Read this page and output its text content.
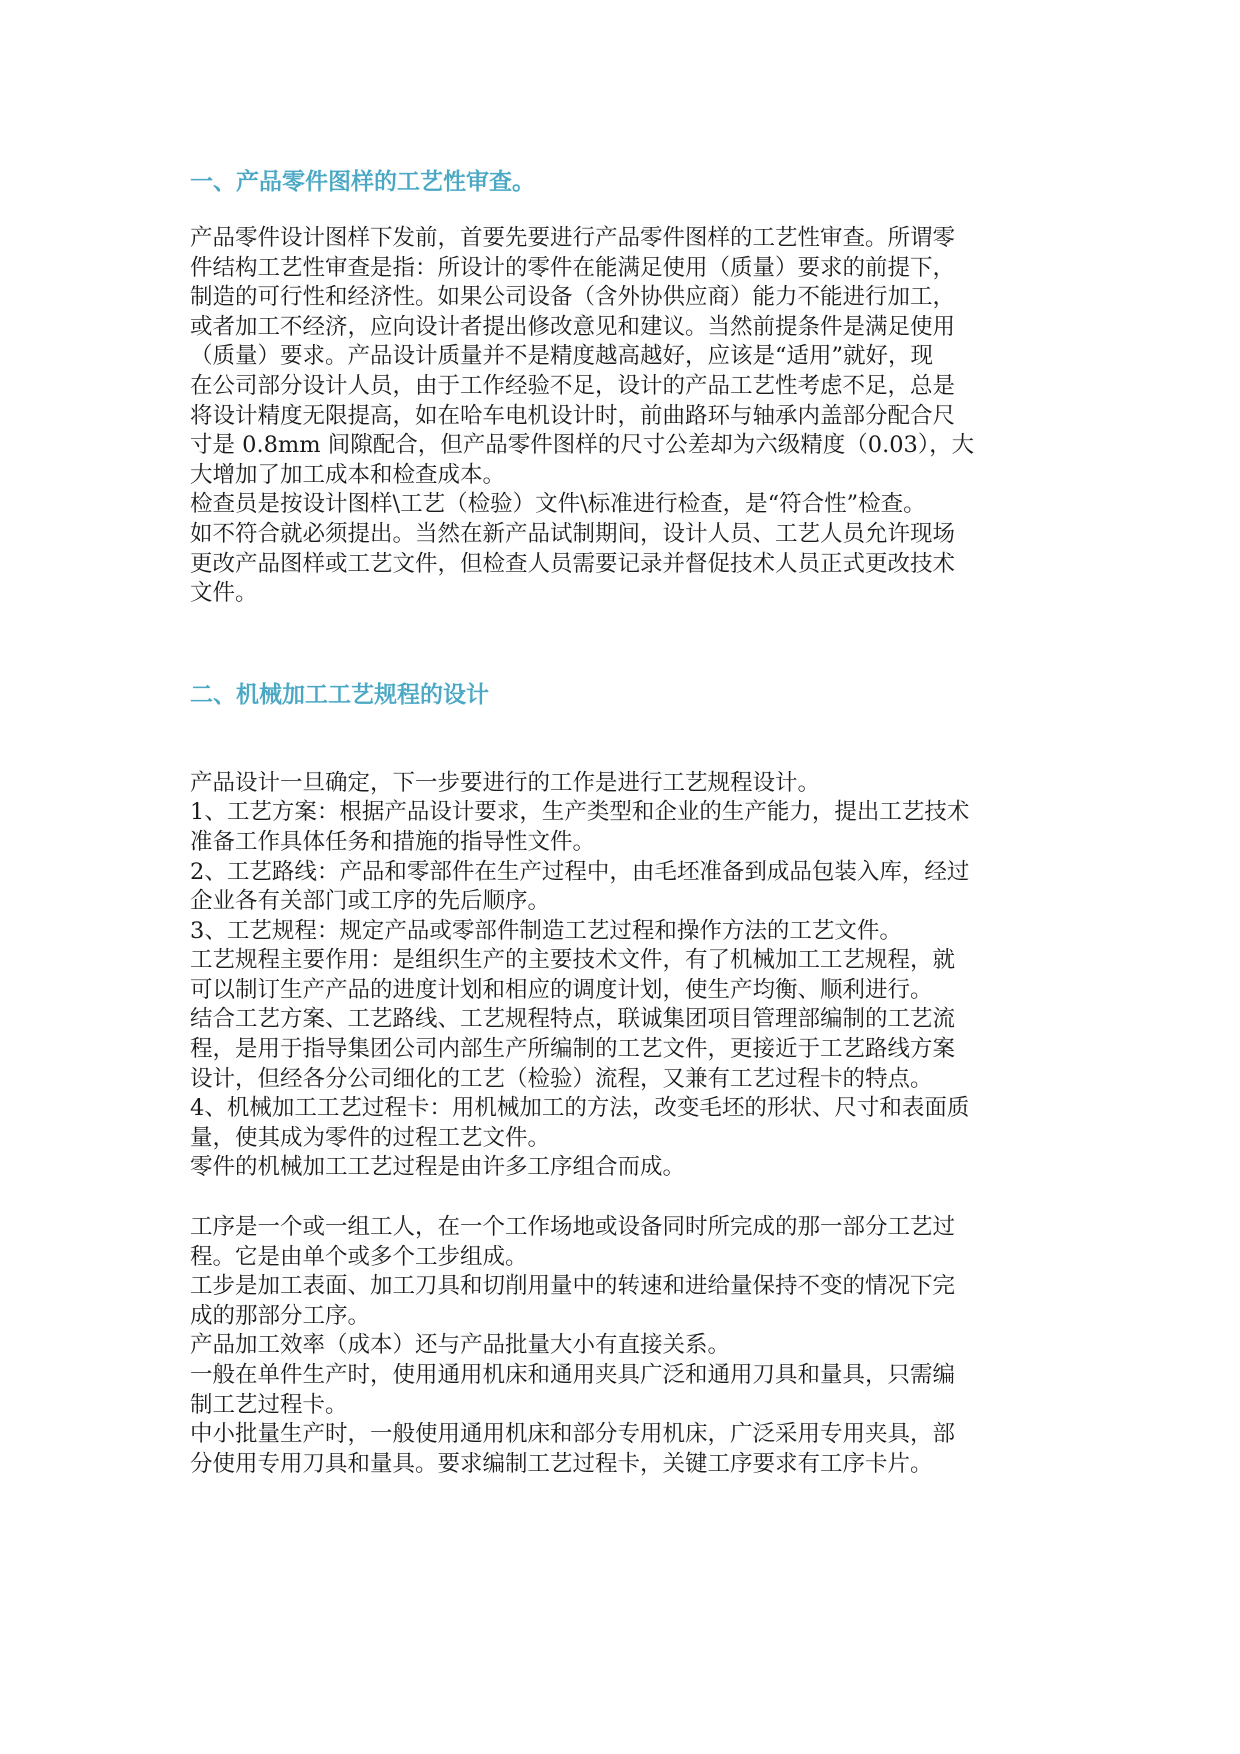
一、产品零件图样的工艺性审查。

产品零件设计图样下发前，首要先要进行产品零件图样的工艺性审查。所谓零

件结构工艺性审查是指：所设计的零件在能满足使用（质量）要求的前提下，

制造的可行性和经济性。如果公司设备（含外协供应商）能力不能进行加工，

或者加工不经济，应向设计者提出修改意见和建议。当然前提条件是满足使用

（质量）要求。产品设计质量并不是精度越高越好，应该是“适用”就好，现

在公司部分设计人员，由于工作经验不足，设计的产品工艺性考虑不足，总是

将设计精度无限提高，如在哈车电机设计时，前曲路环与轴承内盖部分配合尺

寸是 0.8mm 间隙配合，但产品零件图样的尺寸公差却为六级精度（0.03），大

大增加了加工成本和检查成本。

检查员是按设计图样\工艺（检验）文件\标准进行检查，是“符合性”检查。

如不符合就必须提出。当然在新产品试制期间，设计人员、工艺人员允许现场

更改产品图样或工艺文件，但检查人员需要记录并督促技术人员正式更改技术

文件。

二、机械加工工艺规程的设计

产品设计一旦确定，下一步要进行的工作是进行工艺规程设计。

1、工艺方案：根据产品设计要求，生产类型和企业的生产能力，提出工艺技术

准备工作具体任务和措施的指导性文件。

2、工艺路线：产品和零部件在生产过程中，由毛坯准备到成品包装入库，经过

企业各有关部门或工序的先后顺序。

3、工艺规程：规定产品或零部件制造工艺过程和操作方法的工艺文件。

工艺规程主要作用：是组织生产的主要技术文件，有了机械加工工艺规程，就

可以制订生产产品的进度计划和相应的调度计划，使生产均衡、顺利进行。

结合工艺方案、工艺路线、工艺规程特点，联诚集团项目管理部编制的工艺流

程，是用于指导集团公司内部生产所编制的工艺文件，更接近于工艺路线方案

设计，但经各分公司细化的工艺（检验）流程，又兼有工艺过程卡的特点。

4、机械加工工艺过程卡：用机械加工的方法，改变毛坯的形状、尺寸和表面质

量，使其成为零件的过程工艺文件。

零件的机械加工工艺过程是由许多工序组合而成。

工序是一个或一组工人，在一个工作场地或设备同时所完成的那一部分工艺过

程。它是由单个或多个工步组成。

工步是加工表面、加工刀具和切削用量中的转速和进给量保持不变的情况下完

成的那部分工序。

产品加工效率（成本）还与产品批量大小有直接关系。

一般在单件生产时，使用通用机床和通用夹具广泛和通用刀具和量具，只需编

制工艺过程卡。

中小批量生产时，一般使用通用机床和部分专用机床，广泛采用专用夹具，部

分使用专用刀具和量具。要求编制工艺过程卡，关键工序要求有工序卡片。
